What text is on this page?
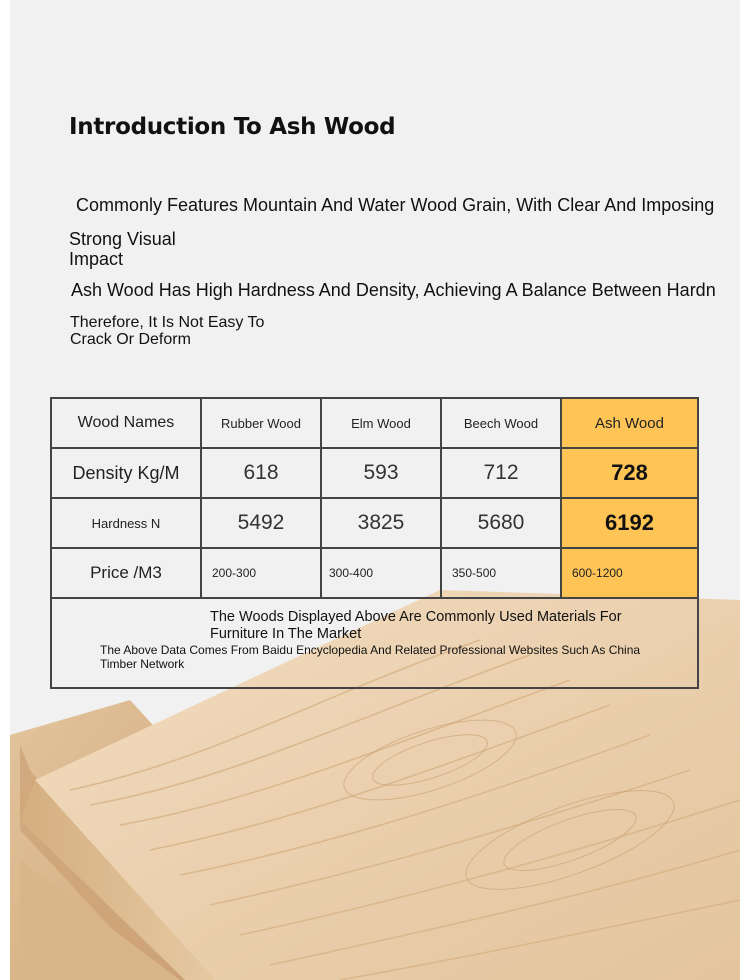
Introduction To Ash Wood

Commonly Features Mountain And Water Wood Grain, With Clear And Imposing

Strong Visual Impact

Ash Wood Has High Hardness And Density, Achieving A Balance Between Hardn

Therefore, It Is Not Easy To Crack Or Deform

Wood Names	Rubber Wood	Elm Wood	Beech Wood	Ash Wood
Density Kg/M	618	593	712	728
Hardness N	5492	3825	5680	6192
Price /M3	200-300	300-400	350-500	600-1200
The Woods Displayed Above Are Commonly Used Materials For Furniture In The Market
The Above Data Comes From Baidu Encyclopedia And Related Professional Websites Such As China Timber Network
